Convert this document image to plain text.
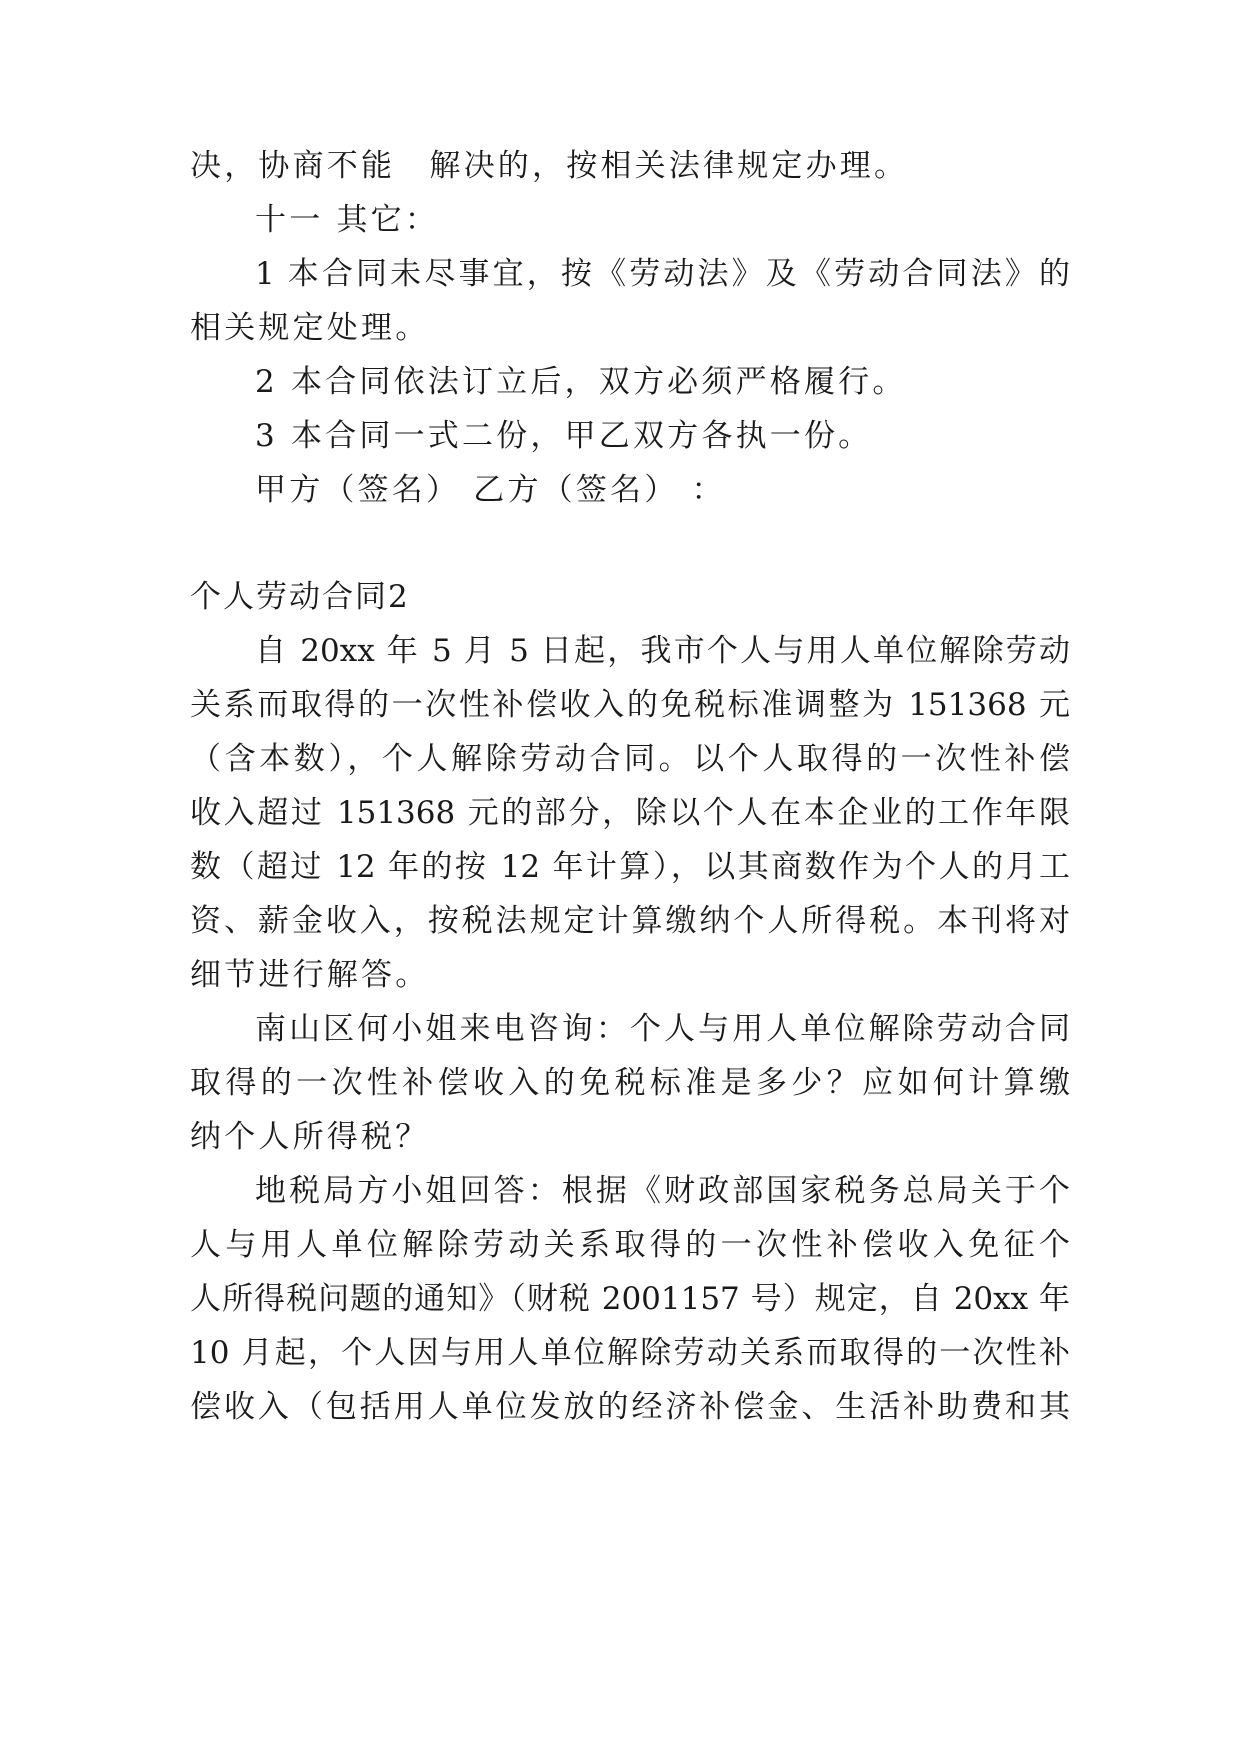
决，协商不能　解决的，按相关法律规定办理。
十一 其它：
1 本合同未尽事宜，按《劳动法》及《劳动合同法》的
相关规定处理。
2 本合同依法订立后，双方必须严格履行。
3 本合同一式二份，甲乙双方各执一份。
甲方（签名） 乙方（签名） ：
个人劳动合同2
自 20xx 年 5 月 5 日起，我市个人与用人单位解除劳动
关系而取得的一次性补偿收入的免税标准调整为 151368 元
（含本数），个人解除劳动合同。以个人取得的一次性补偿
收入超过 151368 元的部分，除以个人在本企业的工作年限
数（超过 12 年的按 12 年计算），以其商数作为个人的月工
资、薪金收入，按税法规定计算缴纳个人所得税。本刊将对
细节进行解答。
南山区何小姐来电咨询：个人与用人单位解除劳动合同
取得的一次性补偿收入的免税标准是多少？应如何计算缴
纳个人所得税？
地税局方小姐回答：根据《财政部国家税务总局关于个
人与用人单位解除劳动关系取得的一次性补偿收入免征个
人所得税问题的通知》（财税 2001157 号）规定，自 20xx 年
10 月起，个人因与用人单位解除劳动关系而取得的一次性补
偿收入（包括用人单位发放的经济补偿金、生活补助费和其
